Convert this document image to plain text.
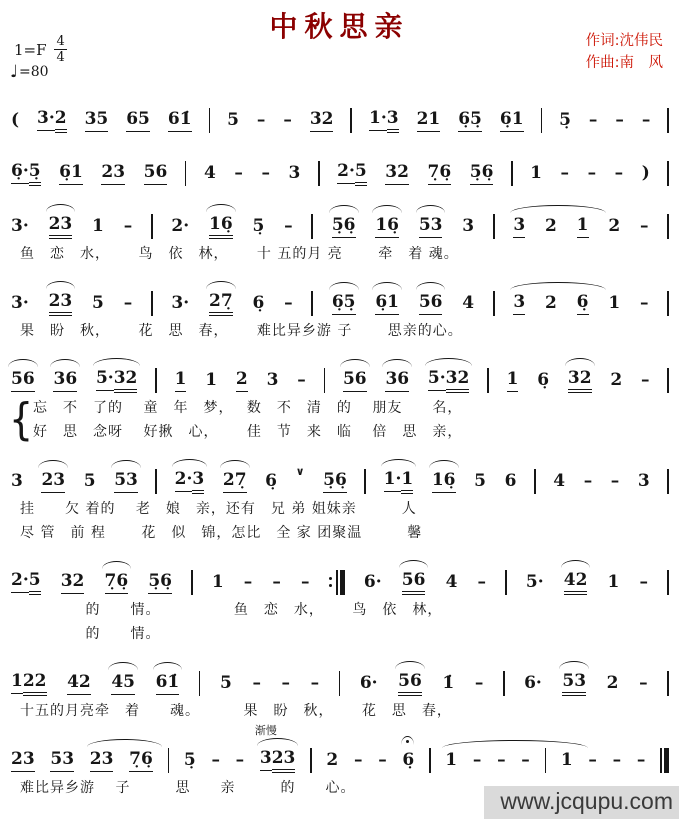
中秋思亲
$1=F \frac{4}{4}$
♩ =80
作词:沈伟民
作曲:南　风
( 3·2 35 65 61̇ 5 – – 32 1·3 21 6̣5̣ 6̣1 5̣ – – –
6̣·5̣ 6̣1 23 56 4 – – 3 2·5 32 7̣6̣ 5̣6̣ 1 – – – )
3· 23 1 – 2· 16̣ 5̣ – 5̣6̣ 16̣ 53 3 3 2 1 2 –
鱼　恋　水，　　 鸟　依　林，　　 十 五的月 亮　　 牵　着 魂。
3· 23 5 – 3· 27̣ 6̣ – 6̣5̣ 6̣1 56 4 3 2 6̣ 1 –
果　盼　秋，　　 花　思　春，　　 难比异乡游 子　　 思亲的心。
56 36 5·32 1 1 2 3 – 56 36 5·32 1 6̣ 32 2 –
{ 忘　不　了的　 童　年　梦，　 数　不　清　的　 朋友　　名，
好　思　念呀　 好揪　心，　　 佳　节　来　临　 倍　思　亲，
3 23 5 53 2·3 27̣ 6̣ ∨ 5̣6̣ 1·1 16̣ 5 6 4 – – 3
挂　　欠 着的　 老　娘　亲，还有　兄 弟 姐妹亲　　　人
尽 管　前 程　　 花　似　锦，怎比　全 家 团聚温　　　馨
2·5 32 7̣6̣ 5̣6̣ 1 – – –	6· 56 4 – 5· 42 1 –
　　　　 的　　情。　　　　　 鱼　恋　水，　　 鸟　依　林，
　　　　 的　　情。
122 42 45 61̇ 5 – – – 6· 56 1̇ – 6· 53 2 –
十五的月亮牵　着　　魂。　　　 果　盼　秋，　　 花　思　春，
23 53 23 7̣6̣ 5̣ – –
渐慢
323 2 – – 6̣ 1 – – – 1 – – –
难比异乡游　 子　　　思　　亲　　　的　　心。	www.jcqupu.com
